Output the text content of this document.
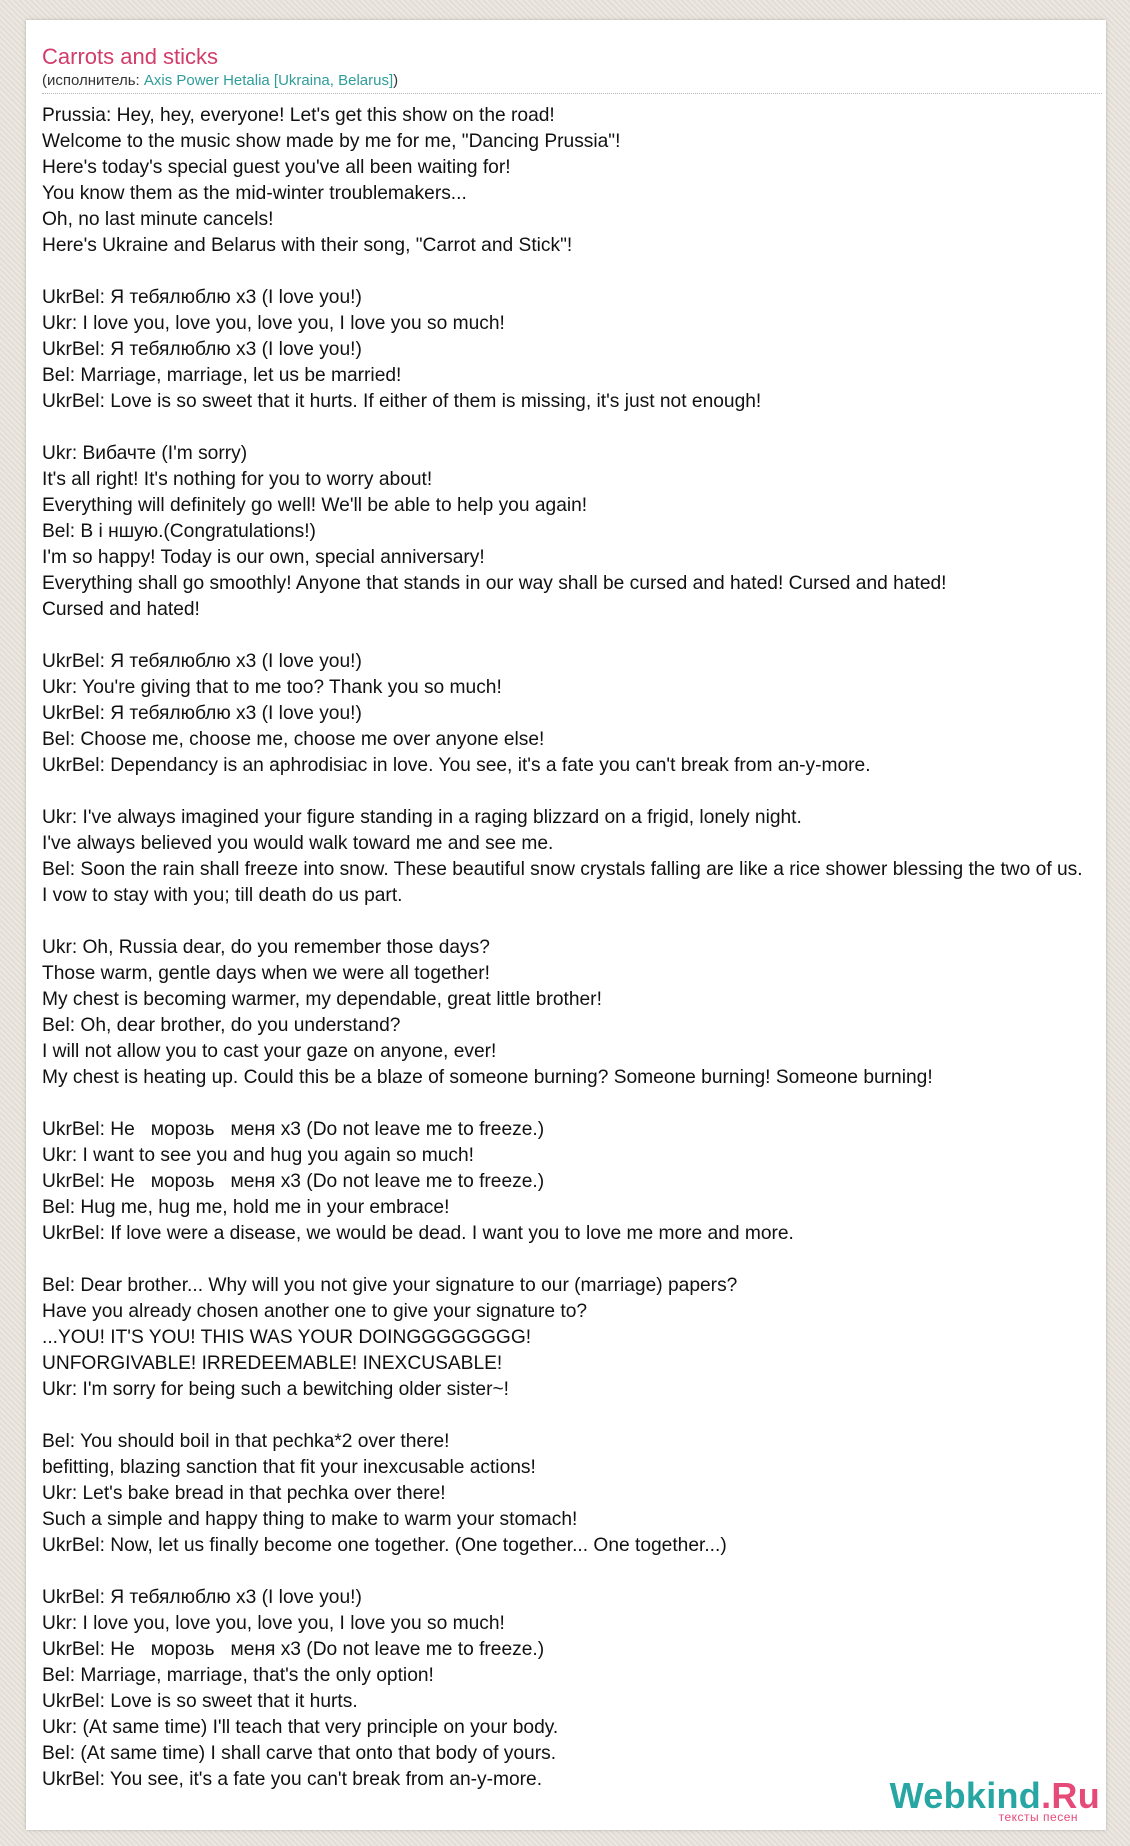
Carrots and sticks
(исполнитель: Axis Power Hetalia [Ukraina, Belarus])
Prussia: Hey, hey, everyone! Let's get this show on the road!
Welcome to the music show made by me for me, "Dancing Prussia"!
Here's today's special guest you've all been waiting for!
You know them as the mid-winter troublemakers...
Oh, no last minute cancels!
Here's Ukraine and Belarus with their song, "Carrot and Stick"!

UkrBel: Я тебялюблю x3 (I love you!)
Ukr: I love you, love you, love you, I love you so much!
UkrBel: Я тебялюблю x3 (I love you!)
Bel: Marriage, marriage, let us be married!
UkrBel: Love is so sweet that it hurts. If either of them is missing, it's just not enough!

Ukr: Вибачте (I'm sorry)
It's all right! It's nothing for you to worry about!
Everything will definitely go well! We'll be able to help you again!
Bel: В і ншую.(Congratulations!)
I'm so happy! Today is our own, special anniversary!
Everything shall go smoothly! Anyone that stands in our way shall be cursed and hated! Cursed and hated!
Cursed and hated!

UkrBel: Я тебялюблю x3 (I love you!)
Ukr: You're giving that to me too? Thank you so much!
UkrBel: Я тебялюблю x3 (I love you!)
Bel: Choose me, choose me, choose me over anyone else!
UkrBel: Dependancy is an aphrodisiac in love. You see, it's a fate you can't break from an-y-more.

Ukr: I've always imagined your figure standing in a raging blizzard on a frigid, lonely night.
I've always believed you would walk toward me and see me.
Bel: Soon the rain shall freeze into snow. These beautiful snow crystals falling are like a rice shower blessing the two of us.
I vow to stay with you; till death do us part.

Ukr: Oh, Russia dear, do you remember those days?
Those warm, gentle days when we were all together!
My chest is becoming warmer, my dependable, great little brother!
Bel: Oh, dear brother, do you understand?
I will not allow you to cast your gaze on anyone, ever!
My chest is heating up. Could this be a blaze of someone burning? Someone burning! Someone burning!

UkrBel: Не   морозь   меня x3 (Do not leave me to freeze.)
Ukr: I want to see you and hug you again so much!
UkrBel: Не   морозь   меня x3 (Do not leave me to freeze.)
Bel: Hug me, hug me, hold me in your embrace!
UkrBel: If love were a disease, we would be dead. I want you to love me more and more.

Bel: Dear brother... Why will you not give your signature to our (marriage) papers?
Have you already chosen another one to give your signature to?
...YOU! IT'S YOU! THIS WAS YOUR DOINGGGGGGGG!
UNFORGIVABLE! IRREDEEMABLE! INEXCUSABLE!
Ukr: I'm sorry for being such a bewitching older sister~!

Bel: You should boil in that pechka*2 over there!
befitting, blazing sanction that fit your inexcusable actions!
Ukr: Let's bake bread in that pechka over there!
Such a simple and happy thing to make to warm your stomach!
UkrBel: Now, let us finally become one together. (One together... One together...)

UkrBel: Я тебялюблю x3 (I love you!)
Ukr: I love you, love you, love you, I love you so much!
UkrBel: Не   морозь   меня x3 (Do not leave me to freeze.)
Bel: Marriage, marriage, that's the only option!
UkrBel: Love is so sweet that it hurts.
Ukr: (At same time) I'll teach that very principle on your body.
Bel: (At same time) I shall carve that onto that body of yours.
UkrBel: You see, it's a fate you can't break from an-y-more.	Webkind.Ru
тексты песен
